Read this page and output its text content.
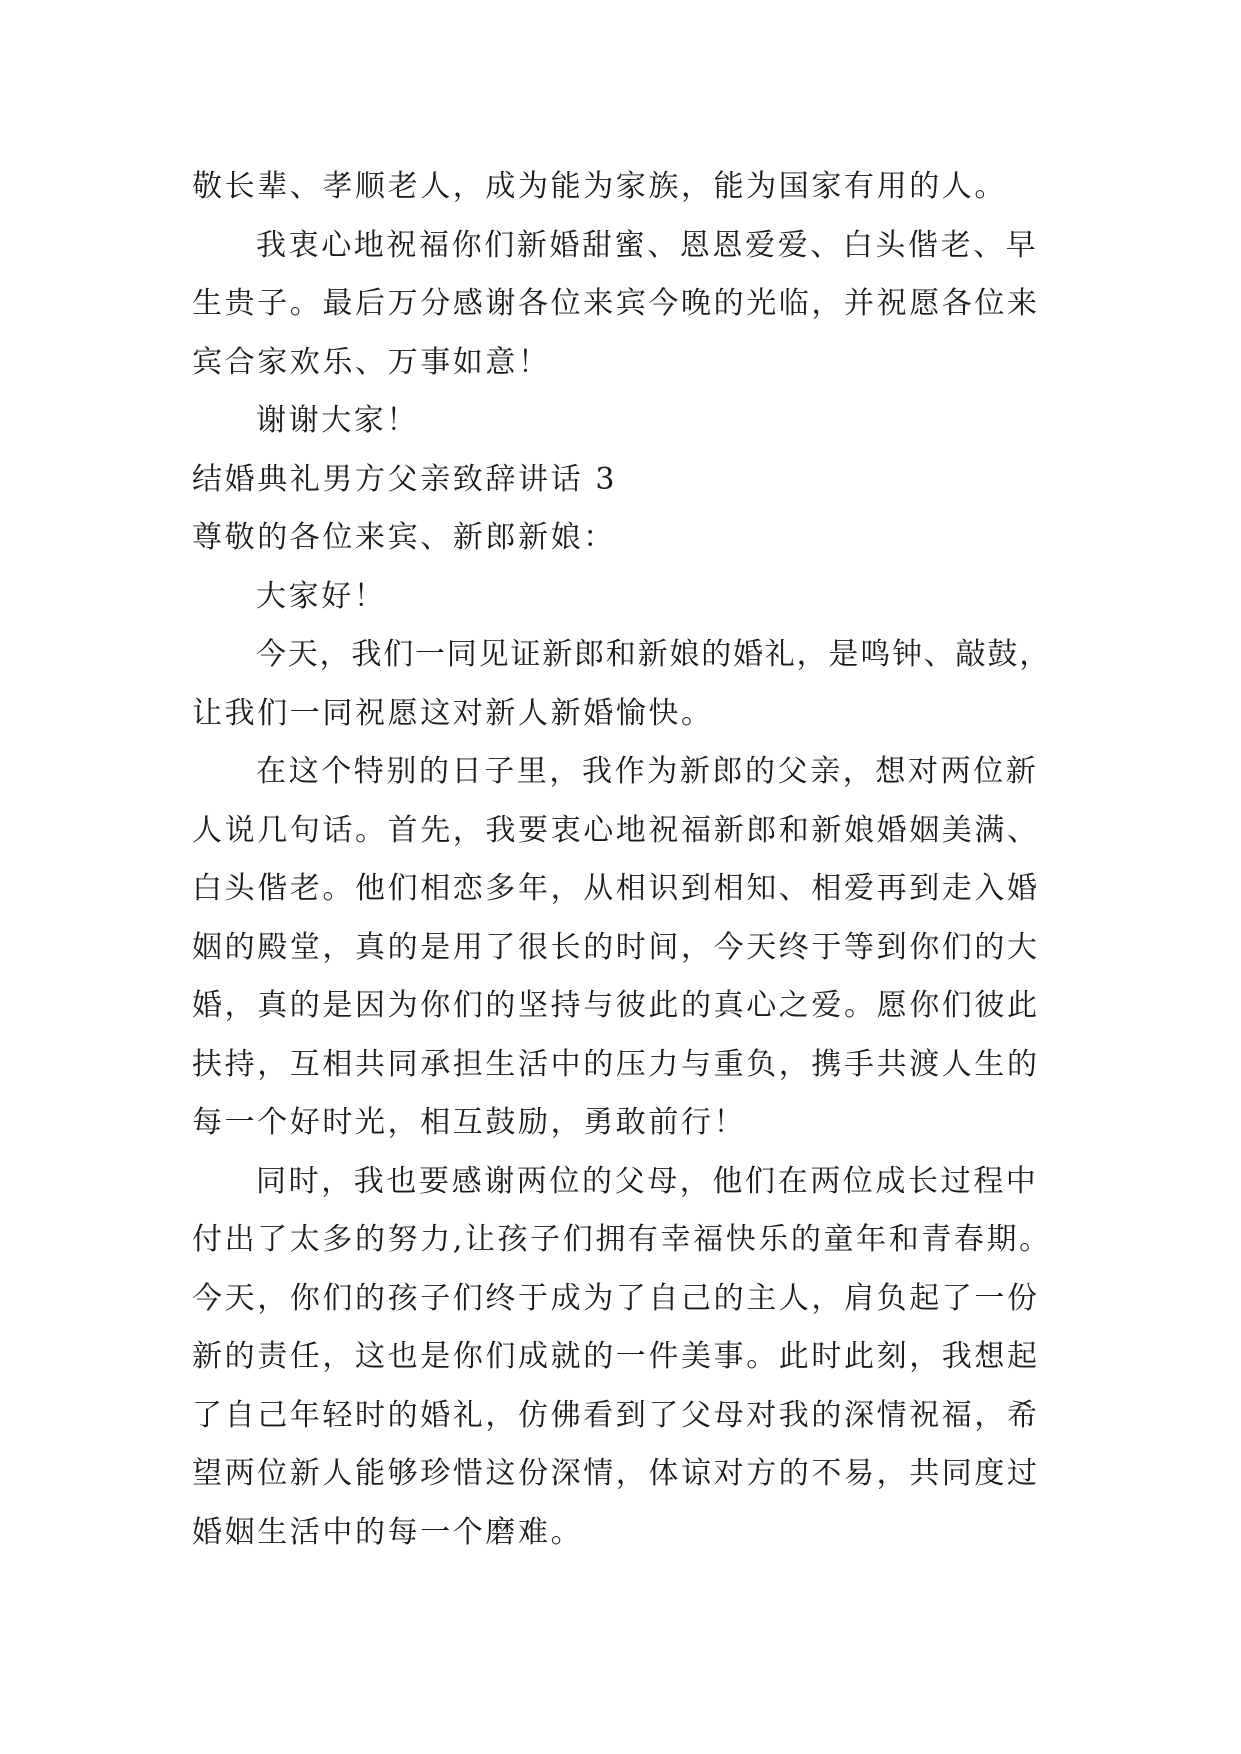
敬长辈、孝顺老人，成为能为家族，能为国家有用的人。
我衷心地祝福你们新婚甜蜜、恩恩爱爱、白头偕老、早
生贵子。最后万分感谢各位来宾今晚的光临，并祝愿各位来
宾合家欢乐、万事如意！
谢谢大家！
结婚典礼男方父亲致辞讲话 3
尊敬的各位来宾、新郎新娘：
大家好！
今天，我们一同见证新郎和新娘的婚礼，是鸣钟、敲鼓，
让我们一同祝愿这对新人新婚愉快。
在这个特别的日子里，我作为新郎的父亲，想对两位新
人说几句话。首先，我要衷心地祝福新郎和新娘婚姻美满、
白头偕老。他们相恋多年，从相识到相知、相爱再到走入婚
姻的殿堂，真的是用了很长的时间，今天终于等到你们的大
婚，真的是因为你们的坚持与彼此的真心之爱。愿你们彼此
扶持，互相共同承担生活中的压力与重负，携手共渡人生的
每一个好时光，相互鼓励，勇敢前行！
同时，我也要感谢两位的父母，他们在两位成长过程中
付出了太多的努力,让孩子们拥有幸福快乐的童年和青春期。
今天，你们的孩子们终于成为了自己的主人，肩负起了一份
新的责任，这也是你们成就的一件美事。此时此刻，我想起
了自己年轻时的婚礼，仿佛看到了父母对我的深情祝福，希
望两位新人能够珍惜这份深情，体谅对方的不易，共同度过
婚姻生活中的每一个磨难。
